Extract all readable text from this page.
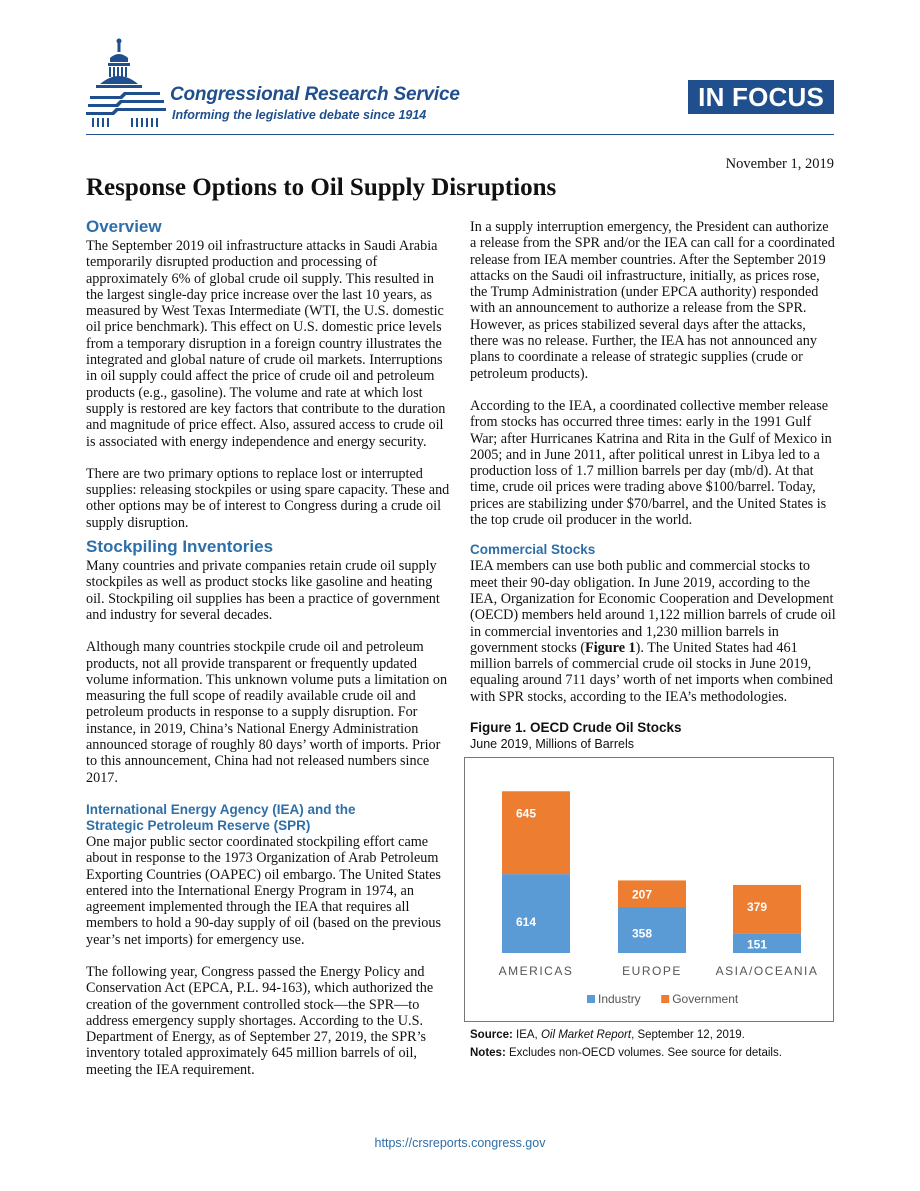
Congressional Research Service
Informing the legislative debate since 1914
IN FOCUS
November 1, 2019
Response Options to Oil Supply Disruptions
Overview

The September 2019 oil infrastructure attacks in Saudi Arabia temporarily disrupted production and processing of approximately 6% of global crude oil supply. This resulted in the largest single-day price increase over the last 10 years, as measured by West Texas Intermediate (WTI, the U.S. domestic oil price benchmark). This effect on U.S. domestic price levels from a temporary disruption in a foreign country illustrates the integrated and global nature of crude oil markets. Interruptions in oil supply could affect the price of crude oil and petroleum products (e.g., gasoline). The volume and rate at which lost supply is restored are key factors that contribute to the duration and magnitude of price effect. Also, assured access to crude oil is associated with energy independence and energy security.

There are two primary options to replace lost or interrupted supplies: releasing stockpiles or using spare capacity. These and other options may be of interest to Congress during a crude oil supply disruption.

Stockpiling Inventories

Many countries and private companies retain crude oil supply stockpiles as well as product stocks like gasoline and heating oil. Stockpiling oil supplies has been a practice of government and industry for several decades.

Although many countries stockpile crude oil and petroleum products, not all provide transparent or frequently updated volume information. This unknown volume puts a limitation on measuring the full scope of readily available crude oil and petroleum products in response to a supply disruption. For instance, in 2019, China’s National Energy Administration announced storage of roughly 80 days’ worth of imports. Prior to this announcement, China had not released numbers since 2017.

International Energy Agency (IEA) and the
Strategic Petroleum Reserve (SPR)

One major public sector coordinated stockpiling effort came about in response to the 1973 Organization of Arab Petroleum Exporting Countries (OAPEC) oil embargo. The United States entered into the International Energy Program in 1974, an agreement implemented through the IEA that requires all members to hold a 90-day supply of oil (based on the previous year’s net imports) for emergency use.

The following year, Congress passed the Energy Policy and Conservation Act (EPCA, P.L. 94-163), which authorized the creation of the government controlled stock—the SPR—to address emergency supply shortages. According to the U.S. Department of Energy, as of September 27, 2019, the SPR’s inventory totaled approximately 645 million barrels of oil, meeting the IEA requirement.

In a supply interruption emergency, the President can authorize a release from the SPR and/or the IEA can call for a coordinated release from IEA member countries. After the September 2019 attacks on the Saudi oil infrastructure, initially, as prices rose, the Trump Administration (under EPCA authority) responded with an announcement to authorize a release from the SPR. However, as prices stabilized several days after the attacks, there was no release. Further, the IEA has not announced any plans to coordinate a release of strategic supplies (crude or petroleum products).

According to the IEA, a coordinated collective member release from stocks has occurred three times: early in the 1991 Gulf War; after Hurricanes Katrina and Rita in the Gulf of Mexico in 2005; and in June 2011, after political unrest in Libya led to a production loss of 1.7 million barrels per day (mb/d). At that time, crude oil prices were trading above $100/barrel. Today, prices are stabilizing under $70/barrel, and the United States is the top crude oil producer in the world.

Commercial Stocks

IEA members can use both public and commercial stocks to meet their 90-day obligation. In June 2019, according to the IEA, Organization for Economic Cooperation and Development (OECD) members held around 1,122 million barrels of crude oil in commercial inventories and 1,230 million barrels in government stocks (Figure 1). The United States had 461 million barrels of commercial crude oil stocks in June 2019, equaling around 711 days’ worth of net imports when combined with SPR stocks, according to the IEA’s methodologies.

Figure 1. OECD Crude Oil Stocks
June 2019, Millions of Barrels
614
645
AMERICAS
358
207
EUROPE
151
379
ASIA/OCEANIA
Industry	Government
Source: IEA, Oil Market Report, September 12, 2019.
Notes: Excludes non-OECD volumes. See source for details.
https://crsreports.congress.gov
